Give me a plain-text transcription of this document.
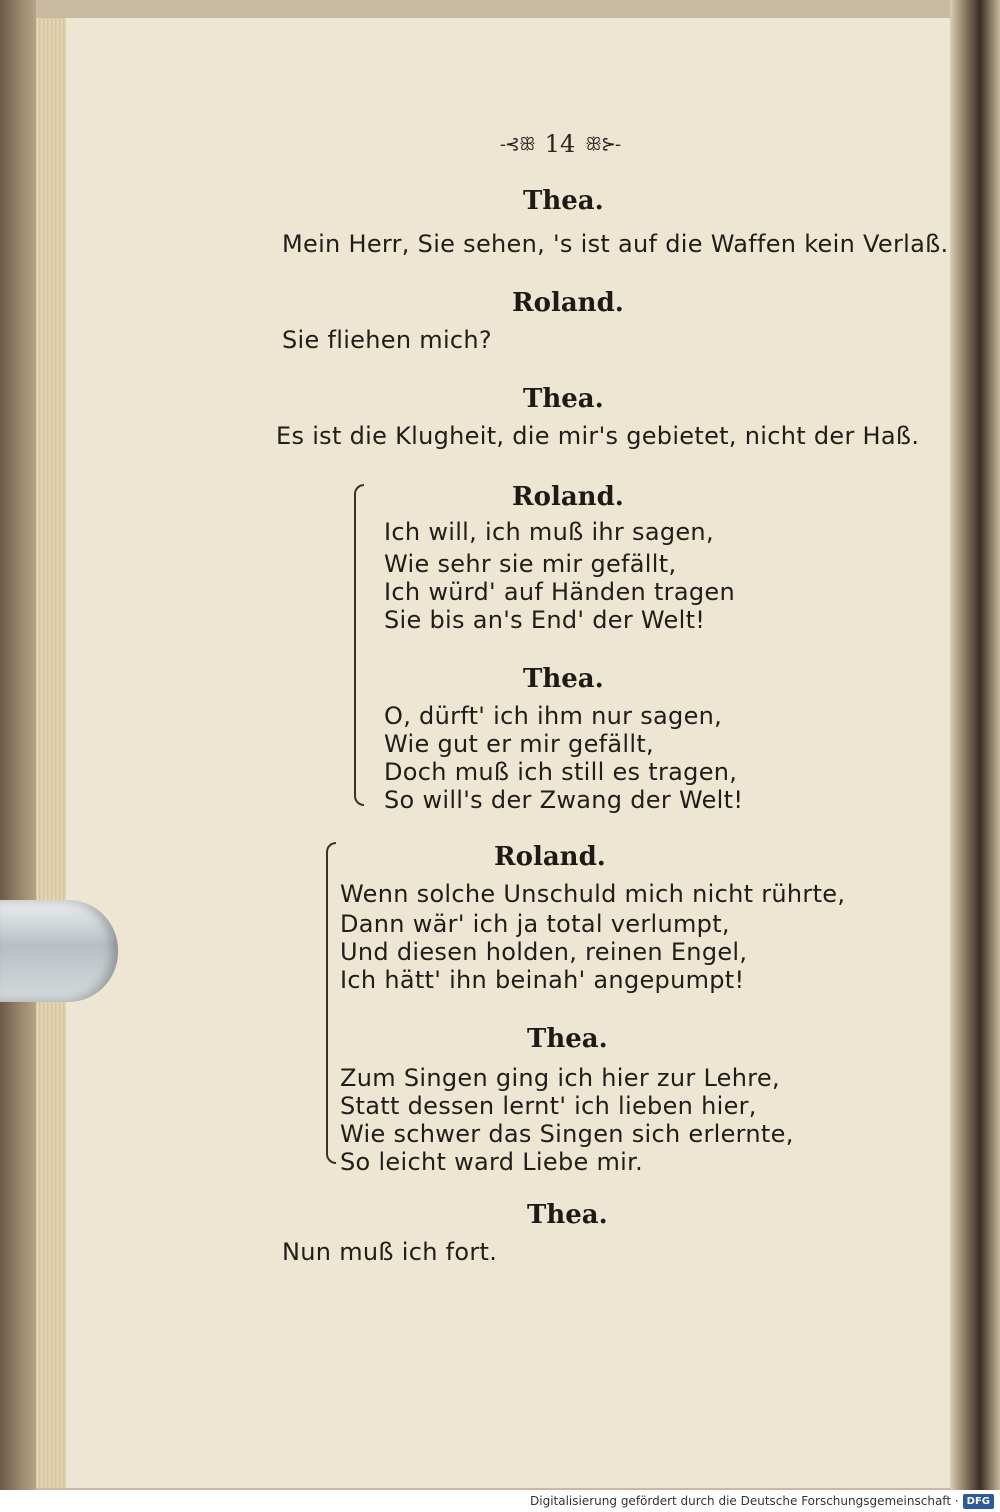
-⊰ꕥ 14 ꕥ⊱-
Thea.
Mein Herr, Sie sehen, 's ist auf die Waffen kein Verlaß.
Roland.
Sie fliehen mich?
Thea.
Es ist die Klugheit, die mir's gebietet, nicht der Haß.
Roland.
Ich will, ich muß ihr sagen,
Wie sehr sie mir gefällt,
Ich würd' auf Händen tragen
Sie bis an's End' der Welt!
Thea.
O, dürft' ich ihm nur sagen,
Wie gut er mir gefällt,
Doch muß ich still es tragen,
So will's der Zwang der Welt!
Roland.
Wenn solche Unschuld mich nicht rührte,
Dann wär' ich ja total verlumpt,
Und diesen holden, reinen Engel,
Ich hätt' ihn beinah' angepumpt!
Thea.
Zum Singen ging ich hier zur Lehre,
Statt dessen lernt' ich lieben hier,
Wie schwer das Singen sich erlernte,
So leicht ward Liebe mir.
Thea.
Nun muß ich fort.
Digitalisierung gefördert durch die Deutsche Forschungsgemeinschaft · DFG
